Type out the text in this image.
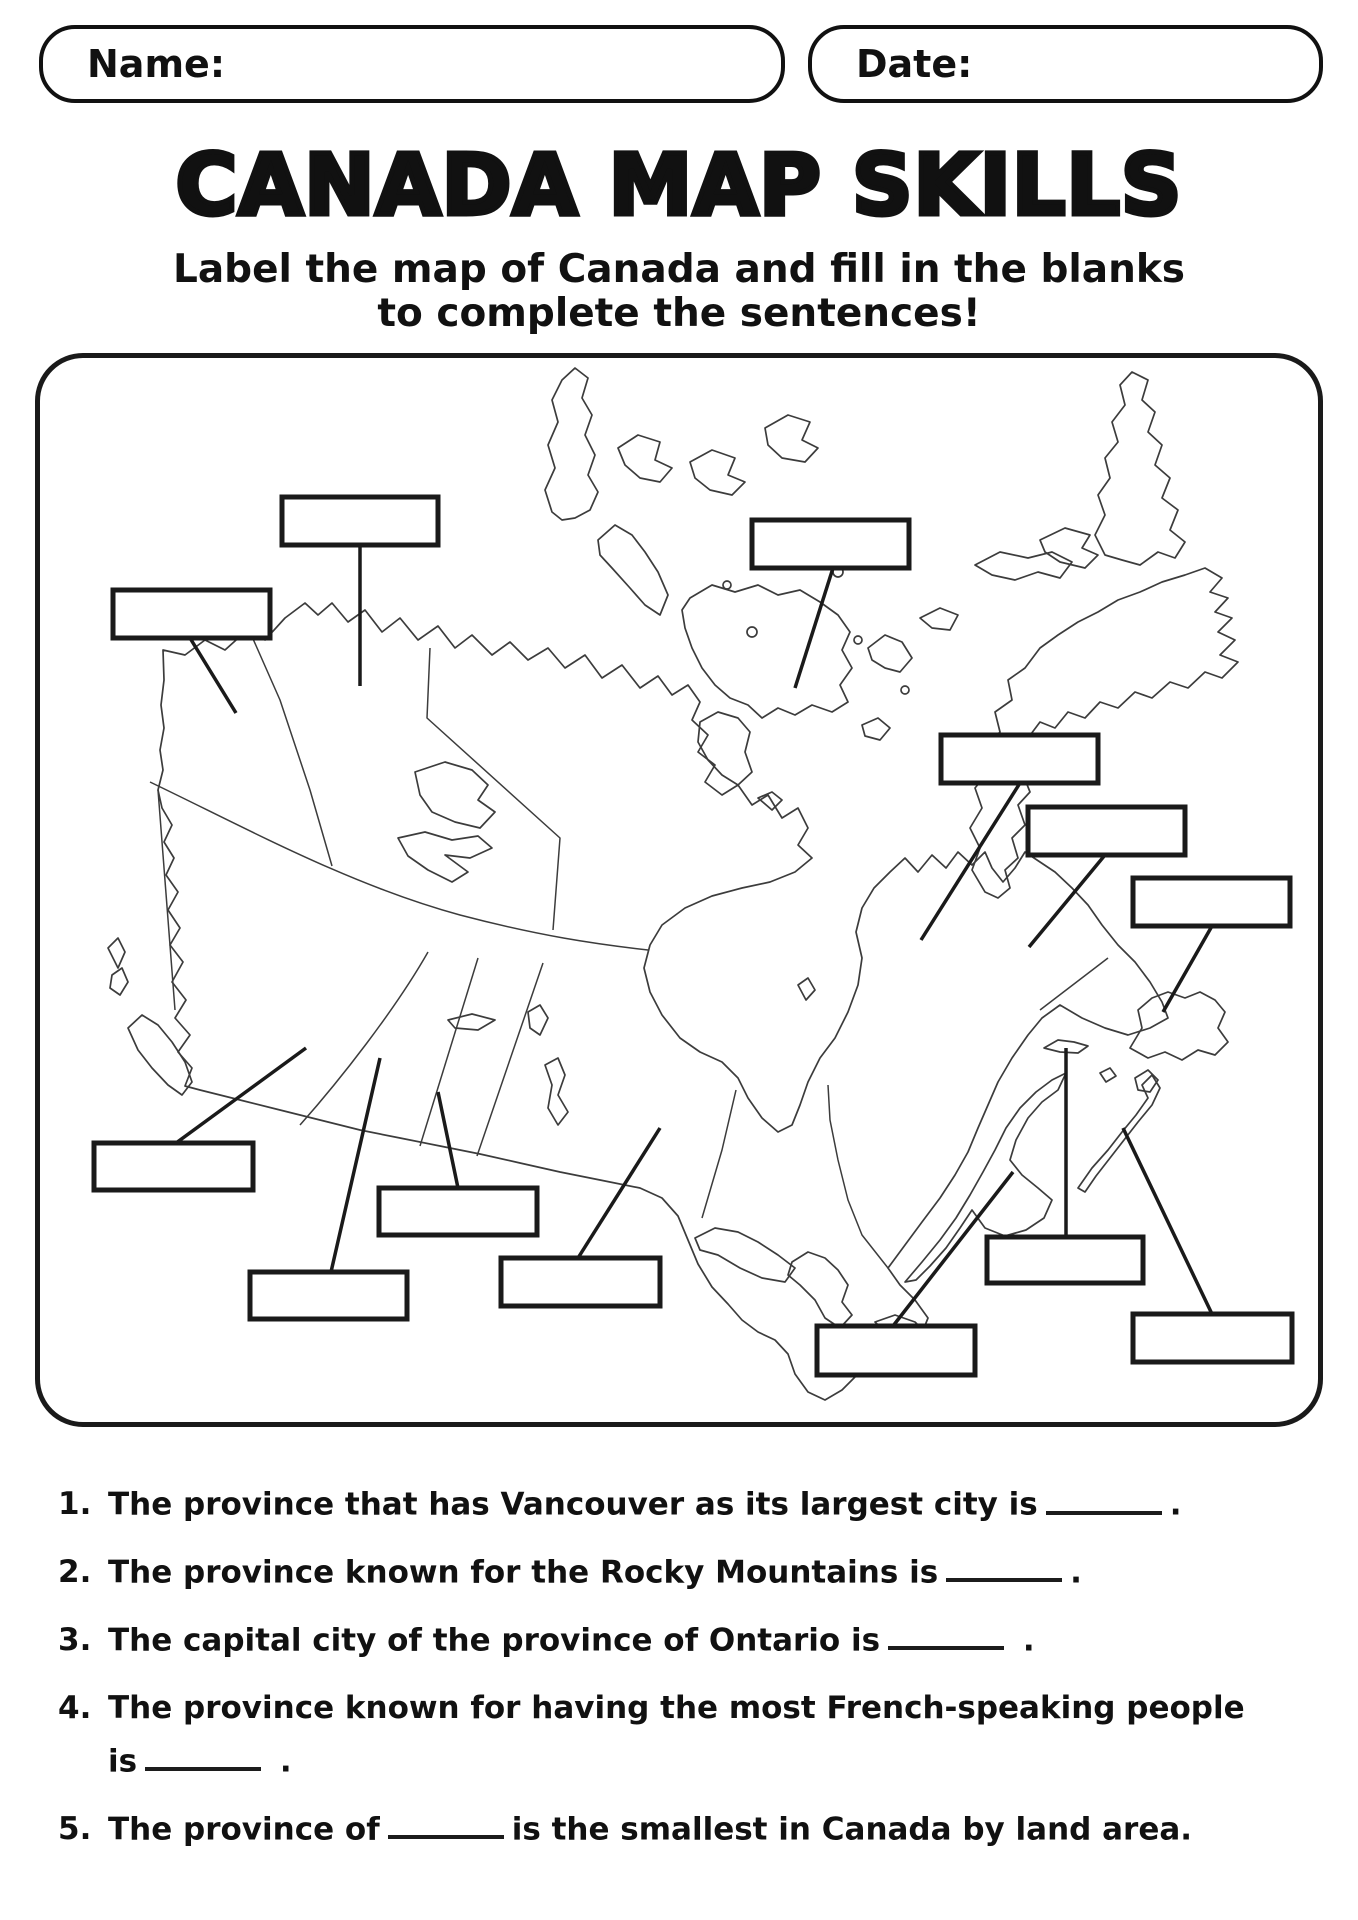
Name:	Date:
CANADA MAP SKILLS
Label the map of Canada and fill in the blanks
to complete the sentences!
1. The province that has Vancouver as its largest city is	.
2. The province known for the Rocky Mountains is	.
3. The capital city of the province of Ontario is	.
4. The province known for having the most French-speaking people
is	.
5. The province of	is the smallest in Canada by land area.
